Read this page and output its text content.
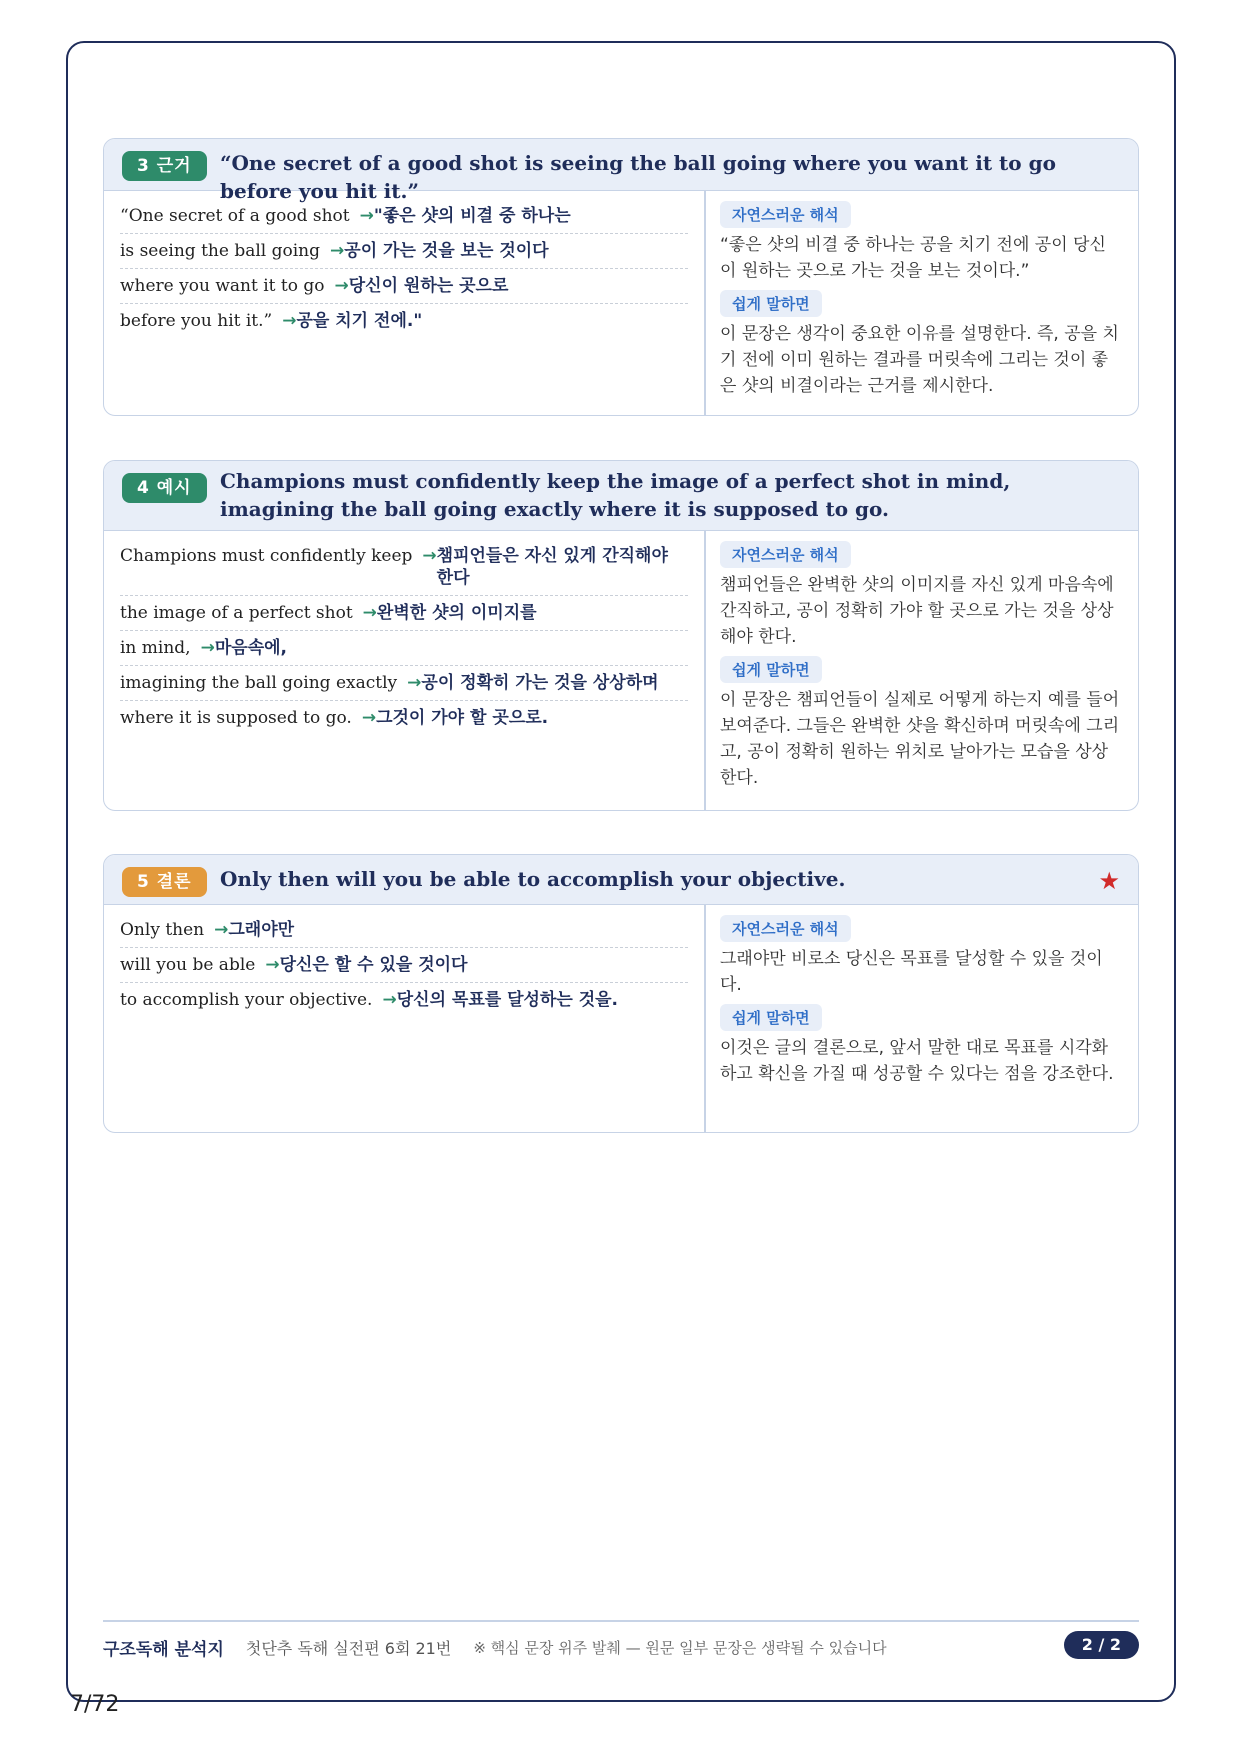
3 근거	“One secret of a good shot is seeing the ball going where you want it to go before you hit it.”
“One secret of a good shot → "좋은 샷의 비결 중 하나는
is seeing the ball going → 공이 가는 것을 보는 것이다
where you want it to go → 당신이 원하는 곳으로
before you hit it.” → 공을 치기 전에."
자연스러운 해석

“좋은 샷의 비결 중 하나는 공을 치기 전에 공이 당신이 원하는 곳으로 가는 것을 보는 것이다.”

쉽게 말하면

이 문장은 생각이 중요한 이유를 설명한다. 즉, 공을 치기 전에 이미 원하는 결과를 머릿속에 그리는 것이 좋은 샷의 비결이라는 근거를 제시한다.

4 예시	Champions must confidently keep the image of a perfect shot in mind, imagining the ball going exactly where it is supposed to go.
Champions must confidently keep → 챔피언들은 자신 있게 간직해야 한다
the image of a perfect shot → 완벽한 샷의 이미지를
in mind, → 마음속에,
imagining the ball going exactly → 공이 정확히 가는 것을 상상하며
where it is supposed to go. → 그것이 가야 할 곳으로.
자연스러운 해석

챔피언들은 완벽한 샷의 이미지를 자신 있게 마음속에 간직하고, 공이 정확히 가야 할 곳으로 가는 것을 상상해야 한다.

쉽게 말하면

이 문장은 챔피언들이 실제로 어떻게 하는지 예를 들어 보여준다. 그들은 완벽한 샷을 확신하며 머릿속에 그리고, 공이 정확히 원하는 위치로 날아가는 모습을 상상한다.

5 결론	Only then will you be able to accomplish your objective.	★
Only then → 그래야만
will you be able → 당신은 할 수 있을 것이다
to accomplish your objective. → 당신의 목표를 달성하는 것을.
자연스러운 해석

그래야만 비로소 당신은 목표를 달성할 수 있을 것이다.

쉽게 말하면

이것은 글의 결론으로, 앞서 말한 대로 목표를 시각화하고 확신을 가질 때 성공할 수 있다는 점을 강조한다.

구조독해 분석지 첫단추 독해 실전편 6회 21번 ※ 핵심 문장 위주 발췌 — 원문 일부 문장은 생략될 수 있습니다	2 / 2
7/72
